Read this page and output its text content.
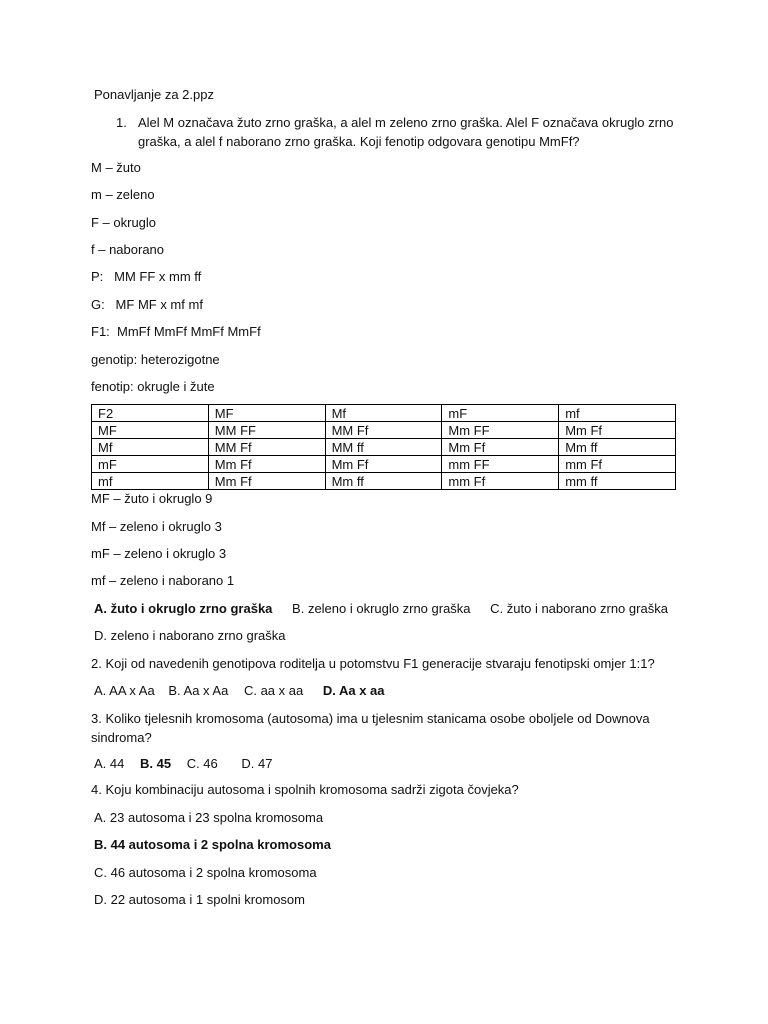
Ponavljanje za 2.ppz
1. Alel M označava žuto zrno graška, a alel m zeleno zrno graška. Alel F označava okruglo zrno graška, a alel f naborano zrno graška. Koji fenotip odgovara genotipu MmFf?
M – žuto
m – zeleno
F – okruglo
f – naborano
P:   MM FF x mm ff
G:   MF MF x mf mf
F1:  MmFf MmFf MmFf MmFf
genotip: heterozigotne
fenotip: okrugle i žute
F2	MF	Mf	mF	mf
MF	MM FF	MM Ff	Mm FF	Mm Ff
Mf	MM Ff	MM ff	Mm Ff	Mm ff
mF	Mm Ff	Mm Ff	mm FF	mm Ff
mf	Mm Ff	Mm ff	mm Ff	mm ff
MF – žuto i okruglo 9
Mf – zeleno i okruglo 3
mF – zeleno i okruglo 3
mf – zeleno i naborano 1
A. žuto i okruglo zrno graška B. zeleno i okruglo zrno graška C. žuto i naborano zrno graška
D. zeleno i naborano zrno graška
2. Koji od navedenih genotipova roditelja u potomstvu F1 generacije stvaraju fenotipski omjer 1:1?
A. AA x Aa B. Aa x Aa C. aa x aa D. Aa x aa
3. Koliko tjelesnih kromosoma (autosoma) ima u tjelesnim stanicama osobe oboljele od Downova sindroma?
A. 44 B. 45 C. 46 D. 47
4. Koju kombinaciju autosoma i spolnih kromosoma sadrži zigota čovjeka?
A. 23 autosoma i 23 spolna kromosoma
B. 44 autosoma i 2 spolna kromosoma
C. 46 autosoma i 2 spolna kromosoma
D. 22 autosoma i 1 spolni kromosom
